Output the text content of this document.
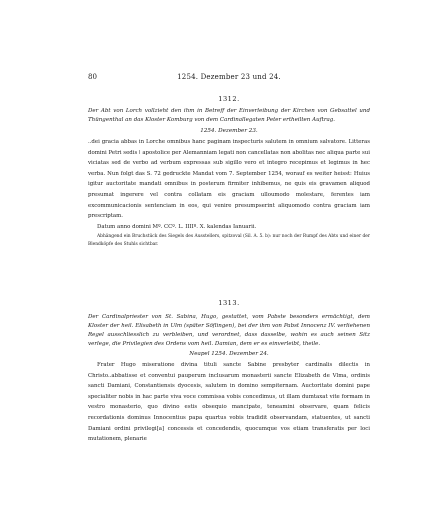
80	1254. Dezember 23 und 24.
1312.

Der Abt von Lorch vollzieht den ihm in Betreff der Einverleibung der Kirchen von Gebsattel und Thüngenthal an das Kloster Komburg von dem Cardinallegaten Peter ertheilten Auftrag.

1254. Dezember 23.

..dei gracia abbas in Lorche omnibus hanc paginam inspecturis salutem in omnium salvatore. Litteras domini Petri sedis ǀ apostolice per Alemanniam legati non cancellatas non abolitas nec aliqua parte sui viciatas sed de verbo ad verbum expressas sub sigillo vero et integro recepimus et legimus in hec verba. Nun folgt das S. 72 gedruckte Mandat vom 7. September 1254, worauf es weiter heisst: Huius igitur auctoritate mandati omnibus in posterum firmiter inhibemus, ne quis eis gravamen aliquod presumat ingerere vel contra collatam eis graciam ulloumodo molestare, ferentes iam excommunicacionis sentenciam in eos, qui venire presumpserint aliquomodo contra graciam iam prescriptam.

Datum anno domini Mº. CCº. L. IIIIº. X. kalendas Ianuarii.

Abhängend ein Bruchstück des Siegels des Ausstellers, spitzoval (Sil. A. 5. b): nur noch der Rumpf des Abts und einer der Blendköpfe des Stuhls sichtbar.

1313.

Der Cardinalpriester von St. Sabina, Hugo, gestattet, vom Pabste besonders ermächtigt, dem Kloster der heil. Elisabeth in Ulm (später Söflingen), bei der ihm von Pabst Innocenz IV. verliehenen Regel ausschliesslich zu verbleiben, und verordnet, dass dasselbe, wohin es auch seinen Sitz verlege, die Privilegien des Ordens vom heil. Damian, dem er es einverleibt, theile.

Neapel 1254. Dezember 24.

Frater Hugo miseratione divina tituli sancte Sabine presbyter cardinalis dilectis in Christo..abbatisse et conventui pauperum inclusarum monasterii sancte Elizabeth de Vlma, ordinis sancti Damiani, Constantiensis dyocesis, salutem in domino sempiternam. Auctoritate domini pape specialiter nobis in hac parte viva voce commissa vobis concedimus, ut illam dumtaxat vite formam in vestro monasterio, quo divino estis obsequio mancipate, teneamini observare, quam felicis recordationis dominus Innocentius papa quartus vobis tradidit observandam, statuentes, ut sancti Damiani ordini privilegi[a] concessis et concedendis, quocumque vos etiam transferatis per loci mutationem, plenarie
